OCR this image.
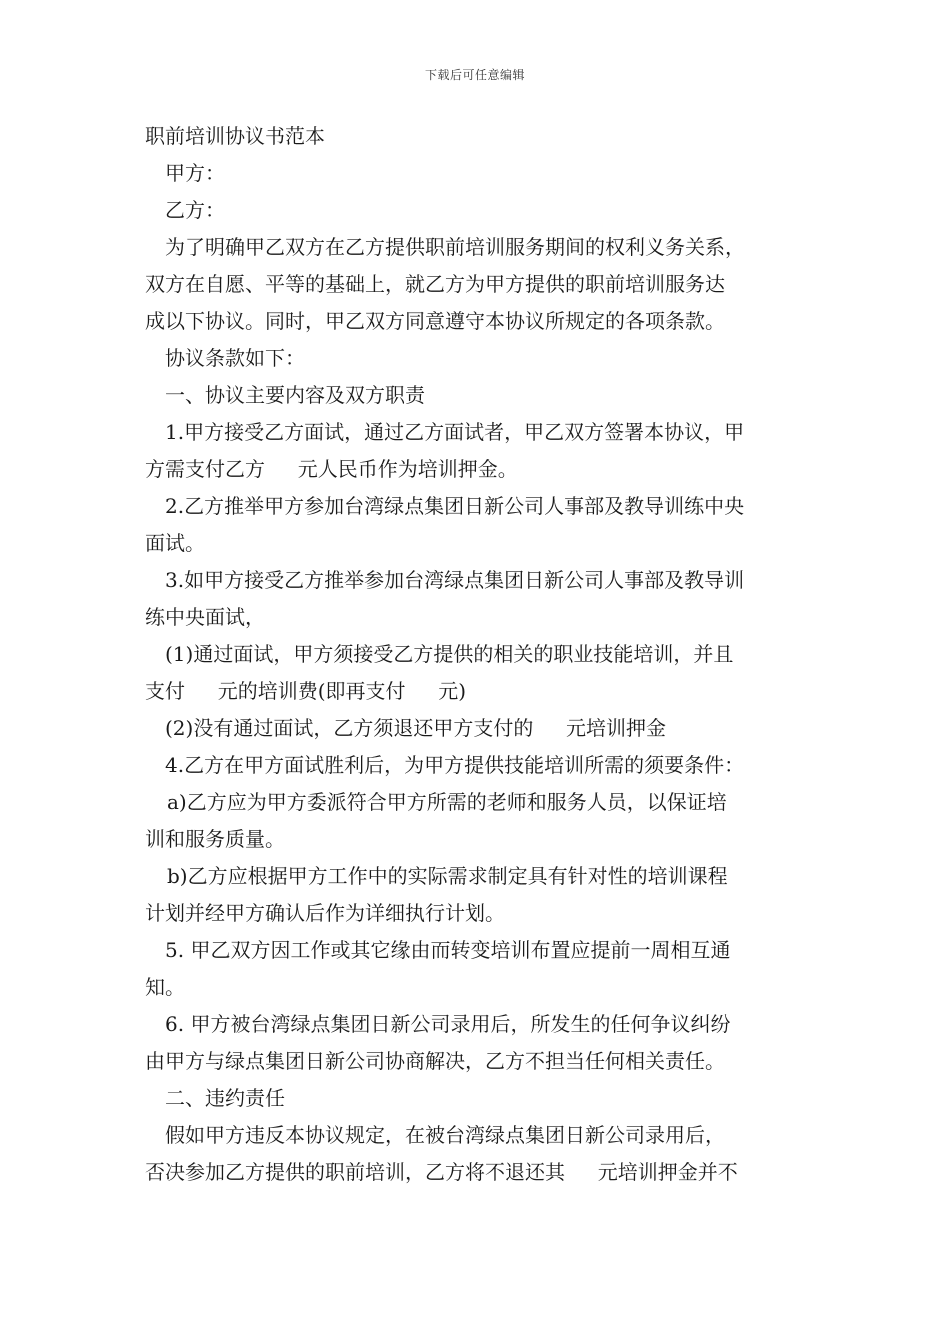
下载后可任意编辑
职前培训协议书范本
甲方：
乙方：
为了明确甲乙双方在乙方提供职前培训服务期间的权利义务关系，
双方在自愿、平等的基础上，就乙方为甲方提供的职前培训服务达
成以下协议。同时，甲乙双方同意遵守本协议所规定的各项条款。
协议条款如下：
一、协议主要内容及双方职责
1.甲方接受乙方面试，通过乙方面试者，甲乙双方签署本协议，甲
方需支付乙方 　 元人民币作为培训押金。
2.乙方推举甲方参加台湾绿点集团日新公司人事部及教导训练中央
面试。
3.如甲方接受乙方推举参加台湾绿点集团日新公司人事部及教导训
练中央面试，
(1)通过面试，甲方须接受乙方提供的相关的职业技能培训，并且
支付 　 元的培训费(即再支付 　 元)
(2)没有通过面试，乙方须退还甲方支付的 　 元培训押金
4.乙方在甲方面试胜利后，为甲方提供技能培训所需的须要条件：
a)乙方应为甲方委派符合甲方所需的老师和服务人员，以保证培
训和服务质量。
b)乙方应根据甲方工作中的实际需求制定具有针对性的培训课程
计划并经甲方确认后作为详细执行计划。
5. 甲乙双方因工作或其它缘由而转变培训布置应提前一周相互通
知。
6. 甲方被台湾绿点集团日新公司录用后，所发生的任何争议纠纷
由甲方与绿点集团日新公司协商解决，乙方不担当任何相关责任。
二、违约责任
假如甲方违反本协议规定，在被台湾绿点集团日新公司录用后，
否决参加乙方提供的职前培训，乙方将不退还其 　 元培训押金并不
